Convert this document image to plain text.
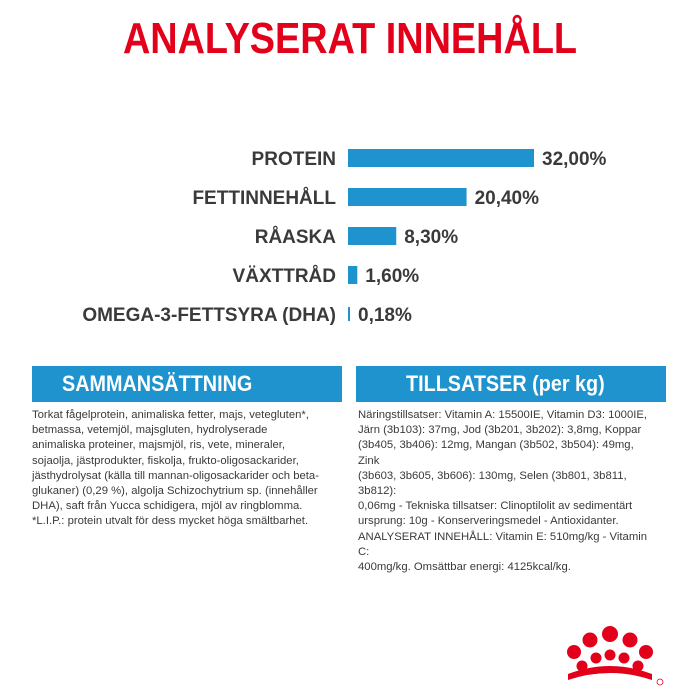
ANALYSERAT INNEHÅLL
PROTEIN	32,00%
FETTINNEHÅLL	20,40%
RÅASKA	8,30%
VÄXTTRÅD 1,60%
OMEGA-3-FETTSYRA (DHA) 0,18%
SAMMANSÄTTNING	TILLSATSER (per kg)

Torkat fågelprotein, animaliska fetter, majs, vetegluten*,

betmassa, vetemjöl, majsgluten, hydrolyserade

animaliska proteiner, majsmjöl, ris, vete, mineraler,

sojaolja, jästprodukter, fiskolja, frukto-oligosackarider,

jästhydrolysat (källa till mannan-oligosackarider och beta-

glukaner) (0,29 %), algolja Schizochytrium sp. (innehåller

DHA), saft från Yucca schidigera, mjöl av ringblomma.

*L.I.P.: protein utvalt för dess mycket höga smältbarhet.

Näringstillsatser: Vitamin A: 15500IE, Vitamin D3: 1000IE,

Järn (3b103): 37mg, Jod (3b201, 3b202): 3,8mg, Koppar

(3b405, 3b406): 12mg, Mangan (3b502, 3b504): 49mg, Zink

(3b603, 3b605, 3b606): 130mg, Selen (3b801, 3b811, 3b812):

0,06mg - Tekniska tillsatser: Clinoptilolit av sedimentärt

ursprung: 10g - Konserveringsmedel - Antioxidanter.

ANALYSERAT INNEHÅLL: Vitamin E: 510mg/kg - Vitamin C:

400mg/kg. Omsättbar energi: 4125kcal/kg.
